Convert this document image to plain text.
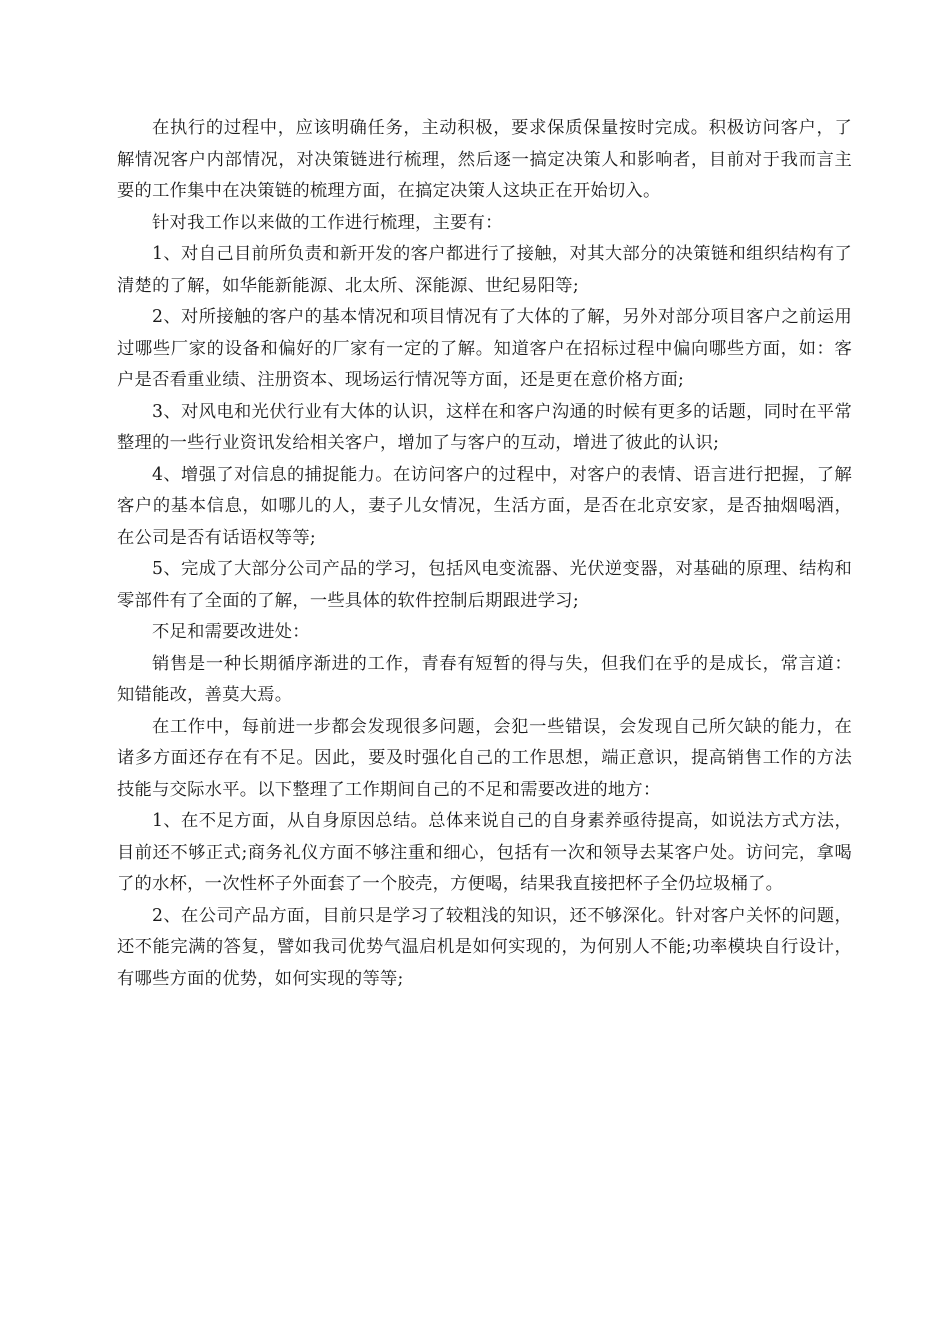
在执行的过程中，应该明确任务，主动积极，要求保质保量按时完成。积极访问客户，了解情况客户内部情况，对决策链进行梳理，然后逐一搞定决策人和影响者，目前对于我而言主要的工作集中在决策链的梳理方面，在搞定决策人这块正在开始切入。

针对我工作以来做的工作进行梳理，主要有：

1、对自己目前所负责和新开发的客户都进行了接触，对其大部分的决策链和组织结构有了清楚的了解，如华能新能源、北太所、深能源、世纪易阳等;

2、对所接触的客户的基本情况和项目情况有了大体的了解，另外对部分项目客户之前运用过哪些厂家的设备和偏好的厂家有一定的了解。知道客户在招标过程中偏向哪些方面，如：客户是否看重业绩、注册资本、现场运行情况等方面，还是更在意价格方面;

3、对风电和光伏行业有大体的认识，这样在和客户沟通的时候有更多的话题，同时在平常整理的一些行业资讯发给相关客户，增加了与客户的互动，增进了彼此的认识;

4、增强了对信息的捕捉能力。在访问客户的过程中，对客户的表情、语言进行把握，了解客户的基本信息，如哪儿的人，妻子儿女情况，生活方面，是否在北京安家，是否抽烟喝酒，在公司是否有话语权等等;

5、完成了大部分公司产品的学习，包括风电变流器、光伏逆变器，对基础的原理、结构和零部件有了全面的了解，一些具体的软件控制后期跟进学习;

不足和需要改进处：

销售是一种长期循序渐进的工作，青春有短暂的得与失，但我们在乎的是成长，常言道：知错能改，善莫大焉。

在工作中，每前进一步都会发现很多问题，会犯一些错误，会发现自己所欠缺的能力，在诸多方面还存在有不足。因此，要及时强化自己的工作思想，端正意识，提高销售工作的方法技能与交际水平。以下整理了工作期间自己的不足和需要改进的地方：

1、在不足方面，从自身原因总结。总体来说自己的自身素养亟待提高，如说法方式方法，目前还不够正式;商务礼仪方面不够注重和细心，包括有一次和领导去某客户处。访问完，拿喝了的水杯，一次性杯子外面套了一个胶壳，方便喝，结果我直接把杯子全仍垃圾桶了。

2、在公司产品方面，目前只是学习了较粗浅的知识，还不够深化。针对客户关怀的问题，还不能完满的答复，譬如我司优势气温启机是如何实现的，为何别人不能;功率模块自行设计，有哪些方面的优势，如何实现的等等;
